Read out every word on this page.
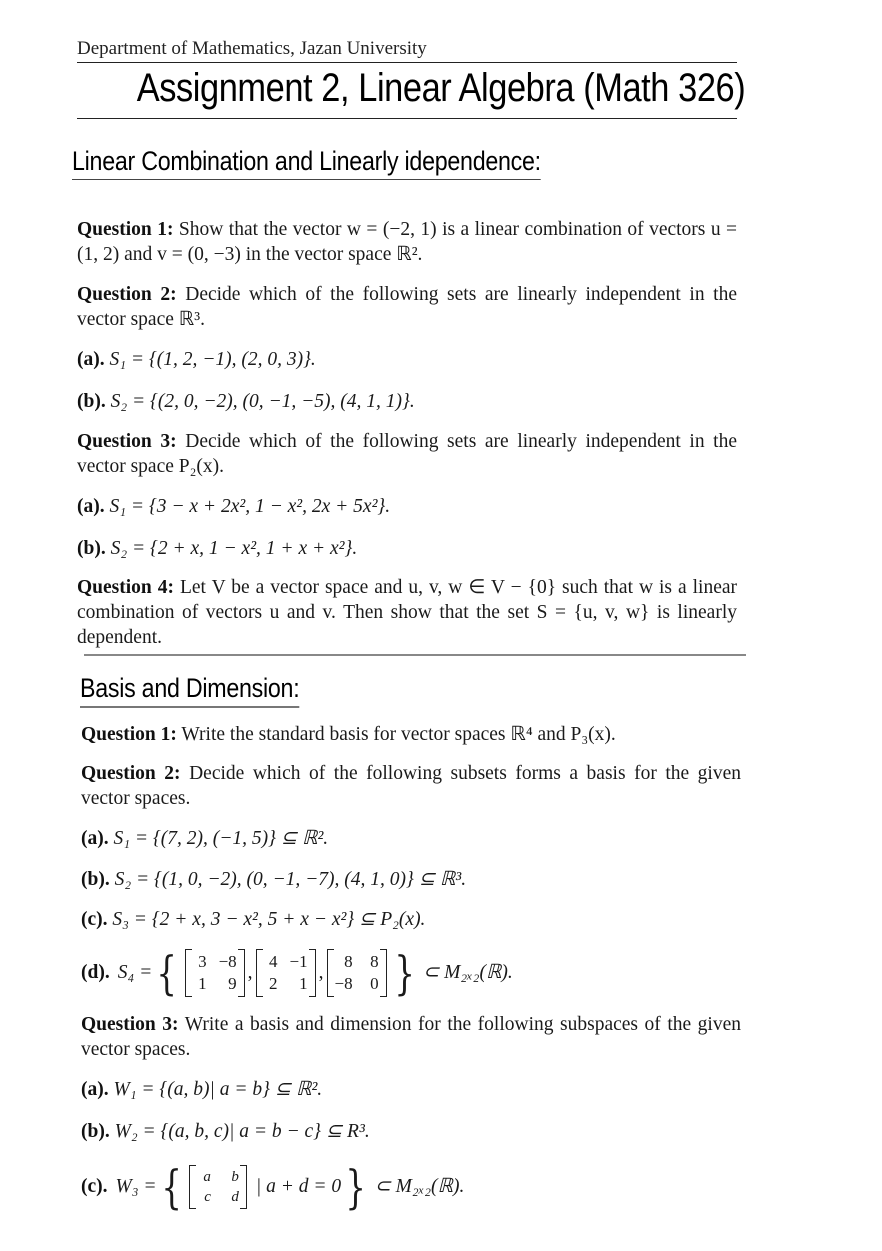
Department of Mathematics, Jazan University
Assignment 2, Linear Algebra (Math 326)
Linear Combination and Linearly idependence:
Question 1: Show that the vector w = (−2, 1) is a linear combination of vectors u = (1, 2) and v = (0, −3) in the vector space ℝ².
Question 2: Decide which of the following sets are linearly independent in the vector space ℝ³.
(a). S₁ = {(1, 2, −1), (2, 0, 3)}.
(b). S₂ = {(2, 0, −2), (0, −1, −5), (4, 1, 1)}.
Question 3: Decide which of the following sets are linearly independent in the vector space P₂(x).
(a). S₁ = {3 − x + 2x², 1 − x², 2x + 5x²}.
(b). S₂ = {2 + x, 1 − x², 1 + x + x²}.
Question 4: Let V be a vector space and u, v, w ∈ V − {0} such that w is a linear combination of vectors u and v. Then show that the set S = {u, v, w} is linearly dependent.
Basis and Dimension:
Question 1: Write the standard basis for vector spaces ℝ⁴ and P₃(x).
Question 2: Decide which of the following subsets forms a basis for the given vector spaces.
(a). S₁ = {(7, 2), (−1, 5)} ⊆ ℝ².
(b). S₂ = {(1, 0, −2), (0, −1, −7), (4, 1, 0)} ⊆ ℝ³.
(c). S₃ = {2 + x, 3 − x², 5 + x − x²} ⊆ P₂(x).
(d). S₄ = {	3 −8
1	9
,
4 −1
2	1
,
8	8
−8	0 } ⊂ M₂ₓ₂(ℝ).
Question 3: Write a basis and dimension for the following subspaces of the given vector spaces.
(a). W₁ = {(a, b)| a = b} ⊆ ℝ².
(b). W₂ = {(a, b, c)| a = b − c} ⊆ R³.
(c). W₃ = {	a	b
c	d | a + d = 0 } ⊂ M₂ₓ₂(ℝ).
